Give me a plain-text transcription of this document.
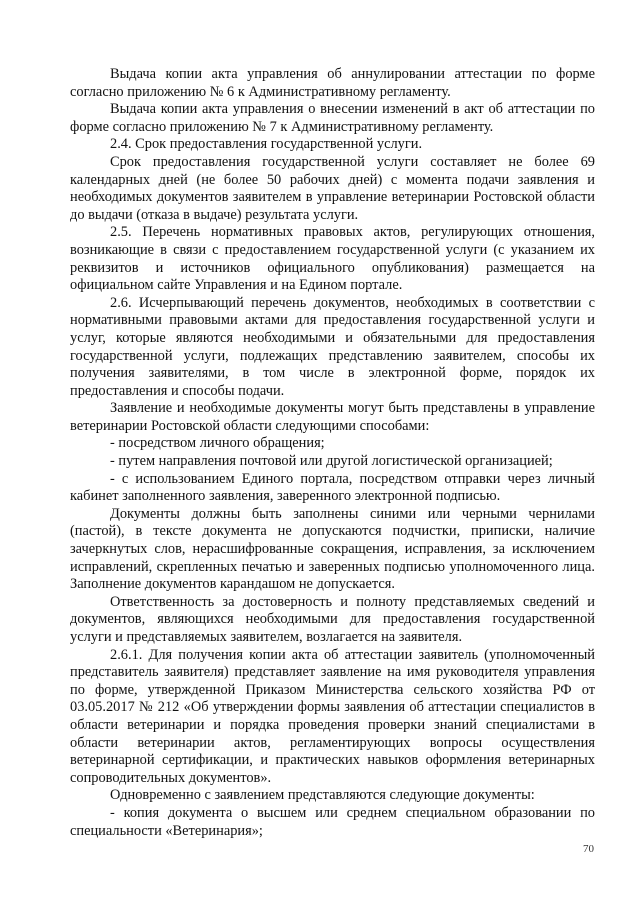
Выдача копии акта управления об аннулировании аттестации по форме согласно приложению № 6 к Административному регламенту.

Выдача копии акта управления о внесении изменений в акт об аттестации по форме согласно приложению № 7 к Административному регламенту.

2.4. Срок предоставления государственной услуги.

Срок предоставления государственной услуги составляет не более 69 календарных дней (не более 50 рабочих дней) с момента подачи заявления и необходимых документов заявителем в управление ветеринарии Ростовской области до выдачи (отказа в выдаче) результата услуги.

2.5. Перечень нормативных правовых актов, регулирующих отношения, возникающие в связи с предоставлением государственной услуги (с указанием их реквизитов и источников официального опубликования) размещается на официальном сайте Управления и на Едином портале.

2.6. Исчерпывающий перечень документов, необходимых в соответствии с нормативными правовыми актами для предоставления государственной услуги и услуг, которые являются необходимыми и обязательными для предоставления государственной услуги, подлежащих представлению заявителем, способы их получения заявителями, в том числе в электронной форме, порядок их предоставления и способы подачи.

Заявление и необходимые документы могут быть представлены в управление ветеринарии Ростовской области следующими способами:

- посредством личного обращения;

- путем направления почтовой или другой логистической организацией;

- с использованием Единого портала, посредством отправки через личный кабинет заполненного заявления, заверенного электронной подписью.

Документы должны быть заполнены синими или черными чернилами (пастой), в тексте документа не допускаются подчистки, приписки, наличие зачеркнутых слов, нерасшифрованные сокращения, исправления, за исключением исправлений, скрепленных печатью и заверенных подписью уполномоченного лица. Заполнение документов карандашом не допускается.

Ответственность за достоверность и полноту представляемых сведений и документов, являющихся необходимыми для предоставления государственной услуги и представляемых заявителем, возлагается на заявителя.

2.6.1. Для получения копии акта об аттестации заявитель (уполномоченный представитель заявителя) представляет заявление на имя руководителя управления по форме, утвержденной Приказом Министерства сельского хозяйства РФ от 03.05.2017 № 212 «Об утверждении формы заявления об аттестации специалистов в области ветеринарии и порядка проведения проверки знаний специалистами в области ветеринарии актов, регламентирующих вопросы осуществления ветеринарной сертификации, и практических навыков оформления ветеринарных сопроводительных документов».

Одновременно с заявлением представляются следующие документы:

- копия документа о высшем или среднем специальном образовании по специальности «Ветеринария»;

70
